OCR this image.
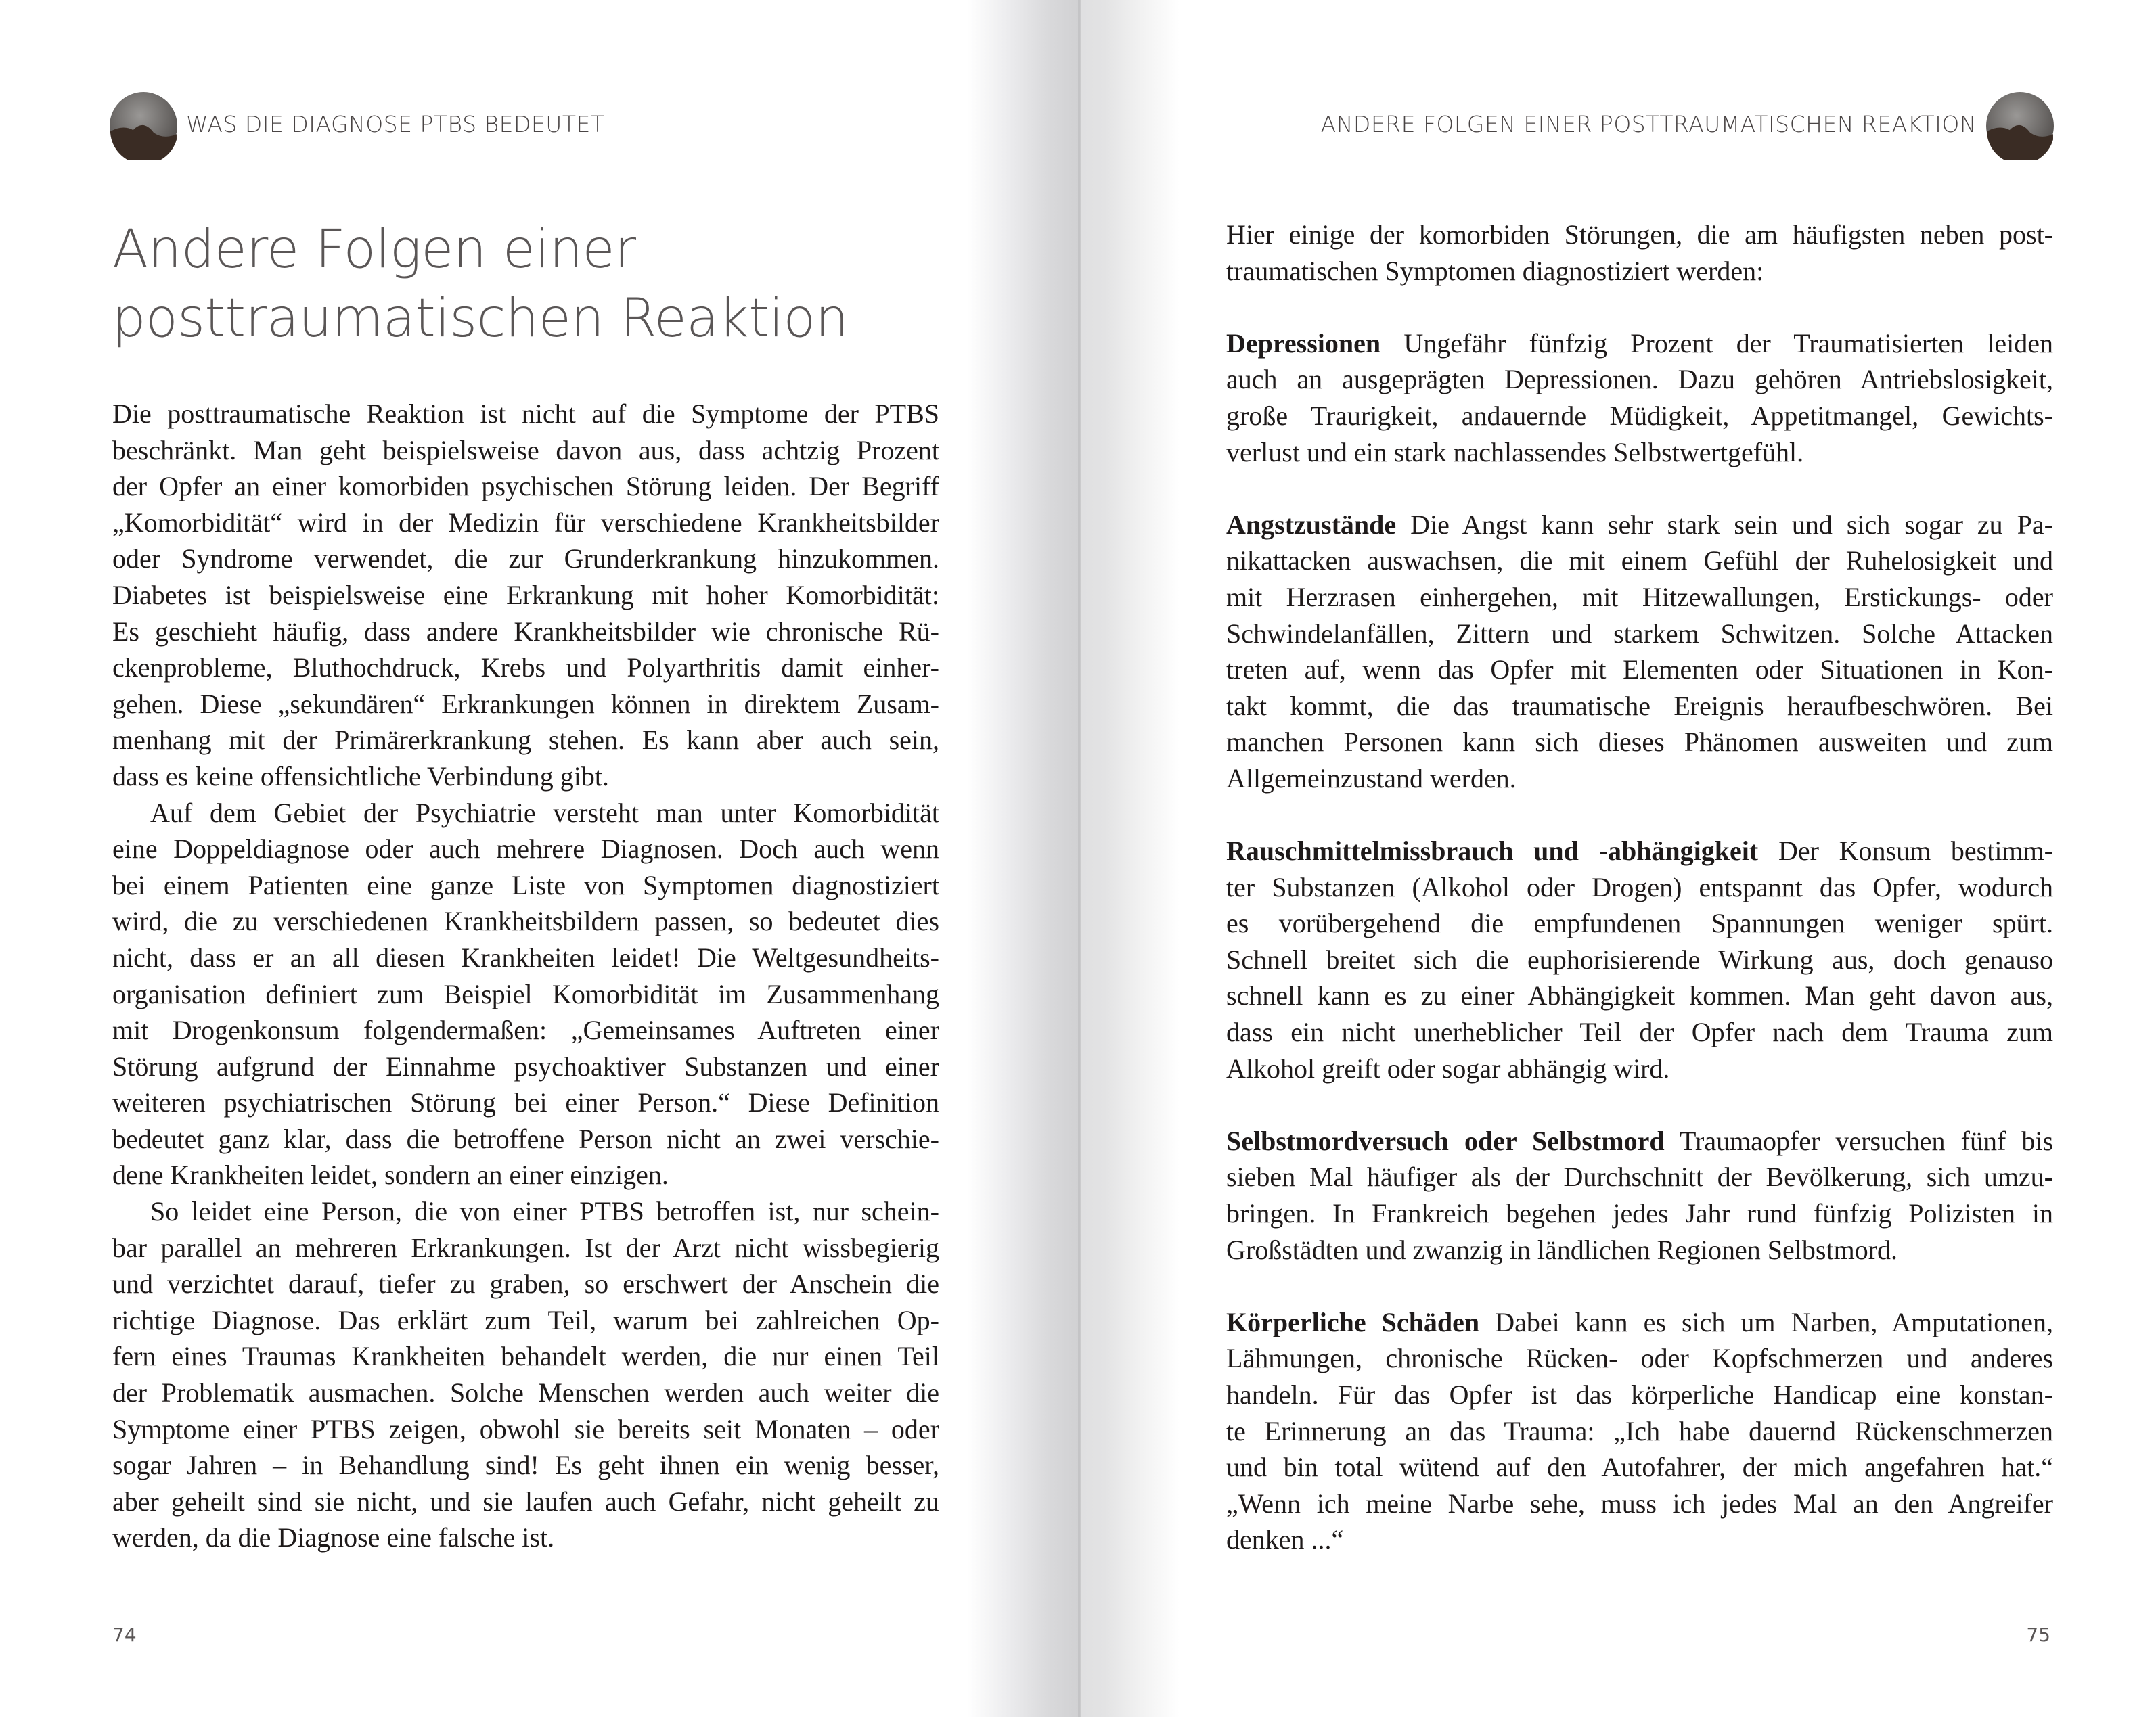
WAS DIE DIAGNOSE PTBS BEDEUTET
Andere Folgen einer
posttraumatischen Reaktion
Die posttraumatische Reaktion ist nicht auf die Symptome der PTBS
beschränkt. Man geht beispielsweise davon aus, dass achtzig Prozent
der Opfer an einer komorbiden psychischen Störung leiden. Der Begriff
„Komorbidität“ wird in der Medizin für verschiedene Krankheitsbilder
oder Syndrome verwendet, die zur Grunderkrankung hinzukommen.
Diabetes ist beispielsweise eine Erkrankung mit hoher Komorbidität:
Es geschieht häufig, dass andere Krankheitsbilder wie chronische Rü-
ckenprobleme, Bluthochdruck, Krebs und Polyarthritis damit einher-
gehen. Diese „sekundären“ Erkrankungen können in direktem Zusam-
menhang mit der Primärerkrankung stehen. Es kann aber auch sein,
dass es keine offensichtliche Verbindung gibt.
Auf dem Gebiet der Psychiatrie versteht man unter Komorbidität
eine Doppeldiagnose oder auch mehrere Diagnosen. Doch auch wenn
bei einem Patienten eine ganze Liste von Symptomen diagnostiziert
wird, die zu verschiedenen Krankheitsbildern passen, so bedeutet dies
nicht, dass er an all diesen Krankheiten leidet! Die Weltgesundheits-
organisation definiert zum Beispiel Komorbidität im Zusammenhang
mit Drogenkonsum folgendermaßen: „Gemeinsames Auftreten einer
Störung aufgrund der Einnahme psychoaktiver Substanzen und einer
weiteren psychiatrischen Störung bei einer Person.“ Diese Definition
bedeutet ganz klar, dass die betroffene Person nicht an zwei verschie-
dene Krankheiten leidet, sondern an einer einzigen.
So leidet eine Person, die von einer PTBS betroffen ist, nur schein-
bar parallel an mehreren Erkrankungen. Ist der Arzt nicht wissbegierig
und verzichtet darauf, tiefer zu graben, so erschwert der Anschein die
richtige Diagnose. Das erklärt zum Teil, warum bei zahlreichen Op-
fern eines Traumas Krankheiten behandelt werden, die nur einen Teil
der Problematik ausmachen. Solche Menschen werden auch weiter die
Symptome einer PTBS zeigen, obwohl sie bereits seit Monaten – oder
sogar Jahren – in Behandlung sind! Es geht ihnen ein wenig besser,
aber geheilt sind sie nicht, und sie laufen auch Gefahr, nicht geheilt zu
werden, da die Diagnose eine falsche ist.
74
ANDERE FOLGEN EINER POSTTRAUMATISCHEN REAKTION
Hier einige der komorbiden Störungen, die am häufigsten neben post-
traumatischen Symptomen diagnostiziert werden:
Depressionen Ungefähr fünfzig Prozent der Traumatisierten leiden
auch an ausgeprägten Depressionen. Dazu gehören Antriebslosigkeit,
große Traurigkeit, andauernde Müdigkeit, Appetitmangel, Gewichts-
verlust und ein stark nachlassendes Selbstwertgefühl.
Angstzustände Die Angst kann sehr stark sein und sich sogar zu Pa-
nikattacken auswachsen, die mit einem Gefühl der Ruhelosigkeit und
mit Herzrasen einhergehen, mit Hitzewallungen, Erstickungs- oder
Schwindelanfällen, Zittern und starkem Schwitzen. Solche Attacken
treten auf, wenn das Opfer mit Elementen oder Situationen in Kon-
takt kommt, die das traumatische Ereignis heraufbeschwören. Bei
manchen Personen kann sich dieses Phänomen ausweiten und zum
Allgemeinzustand werden.
Rauschmittelmissbrauch und -abhängigkeit Der Konsum bestimm-
ter Substanzen (Alkohol oder Drogen) entspannt das Opfer, wodurch
es vorübergehend die empfundenen Spannungen weniger spürt.
Schnell breitet sich die euphorisierende Wirkung aus, doch genauso
schnell kann es zu einer Abhängigkeit kommen. Man geht davon aus,
dass ein nicht unerheblicher Teil der Opfer nach dem Trauma zum
Alkohol greift oder sogar abhängig wird.
Selbstmordversuch oder Selbstmord Traumaopfer versuchen fünf bis
sieben Mal häufiger als der Durchschnitt der Bevölkerung, sich umzu-
bringen. In Frankreich begehen jedes Jahr rund fünfzig Polizisten in
Großstädten und zwanzig in ländlichen Regionen Selbstmord.
Körperliche Schäden Dabei kann es sich um Narben, Amputationen,
Lähmungen, chronische Rücken- oder Kopfschmerzen und anderes
handeln. Für das Opfer ist das körperliche Handicap eine konstan-
te Erinnerung an das Trauma: „Ich habe dauernd Rückenschmerzen
und bin total wütend auf den Autofahrer, der mich angefahren hat.“
„Wenn ich meine Narbe sehe, muss ich jedes Mal an den Angreifer
denken ...“
75
